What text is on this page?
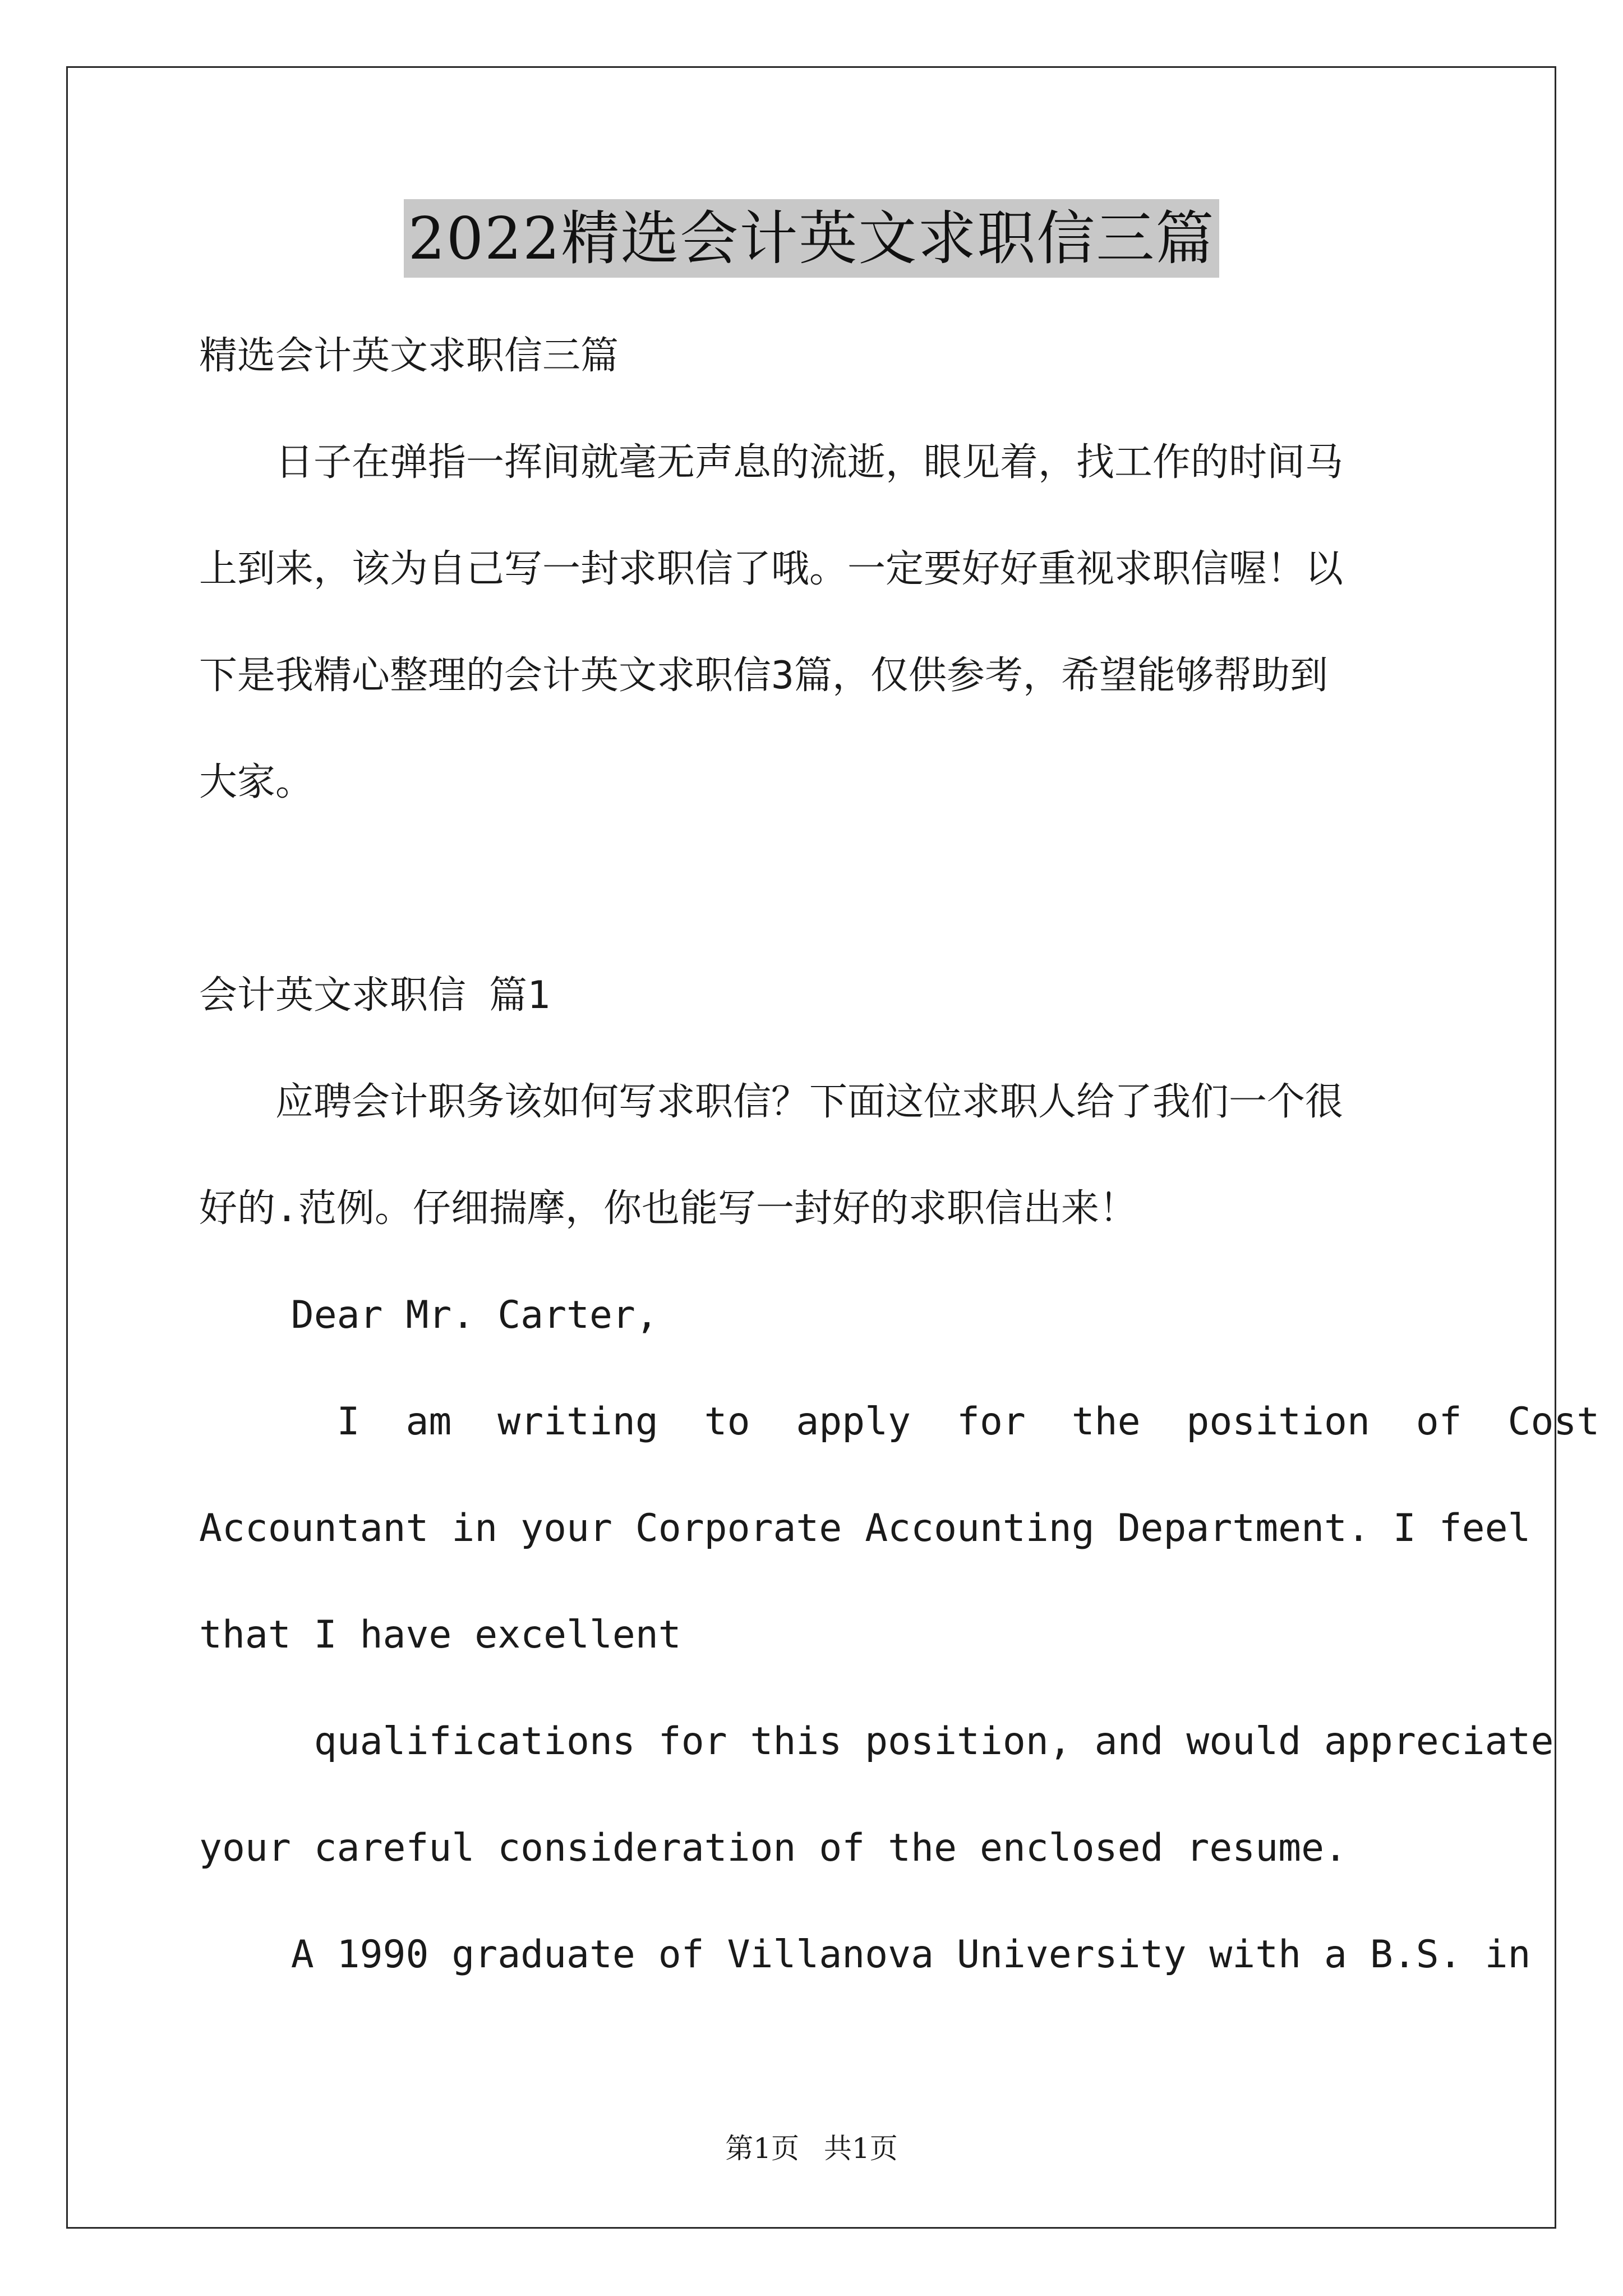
2022精选会计英文求职信三篇
精选会计英文求职信三篇
　　日子在弹指一挥间就毫无声息的流逝，眼见着，找工作的时间马
上到来，该为自己写一封求职信了哦。一定要好好重视求职信喔！以
下是我精心整理的会计英文求职信3篇，仅供参考，希望能够帮助到
大家。
会计英文求职信 篇1
　　应聘会计职务该如何写求职信？下面这位求职人给了我们一个很
好的.范例。仔细揣摩，你也能写一封好的求职信出来！
Dear Mr. Carter,
I  am  writing  to  apply  for  the  position  of  Cost
Accountant in your Corporate Accounting Department. I feel
that I have excellent
qualifications for this position, and would appreciate
your careful consideration of the enclosed resume.
A 1990 graduate of Villanova University with a B.S. in
第1页 共1页
